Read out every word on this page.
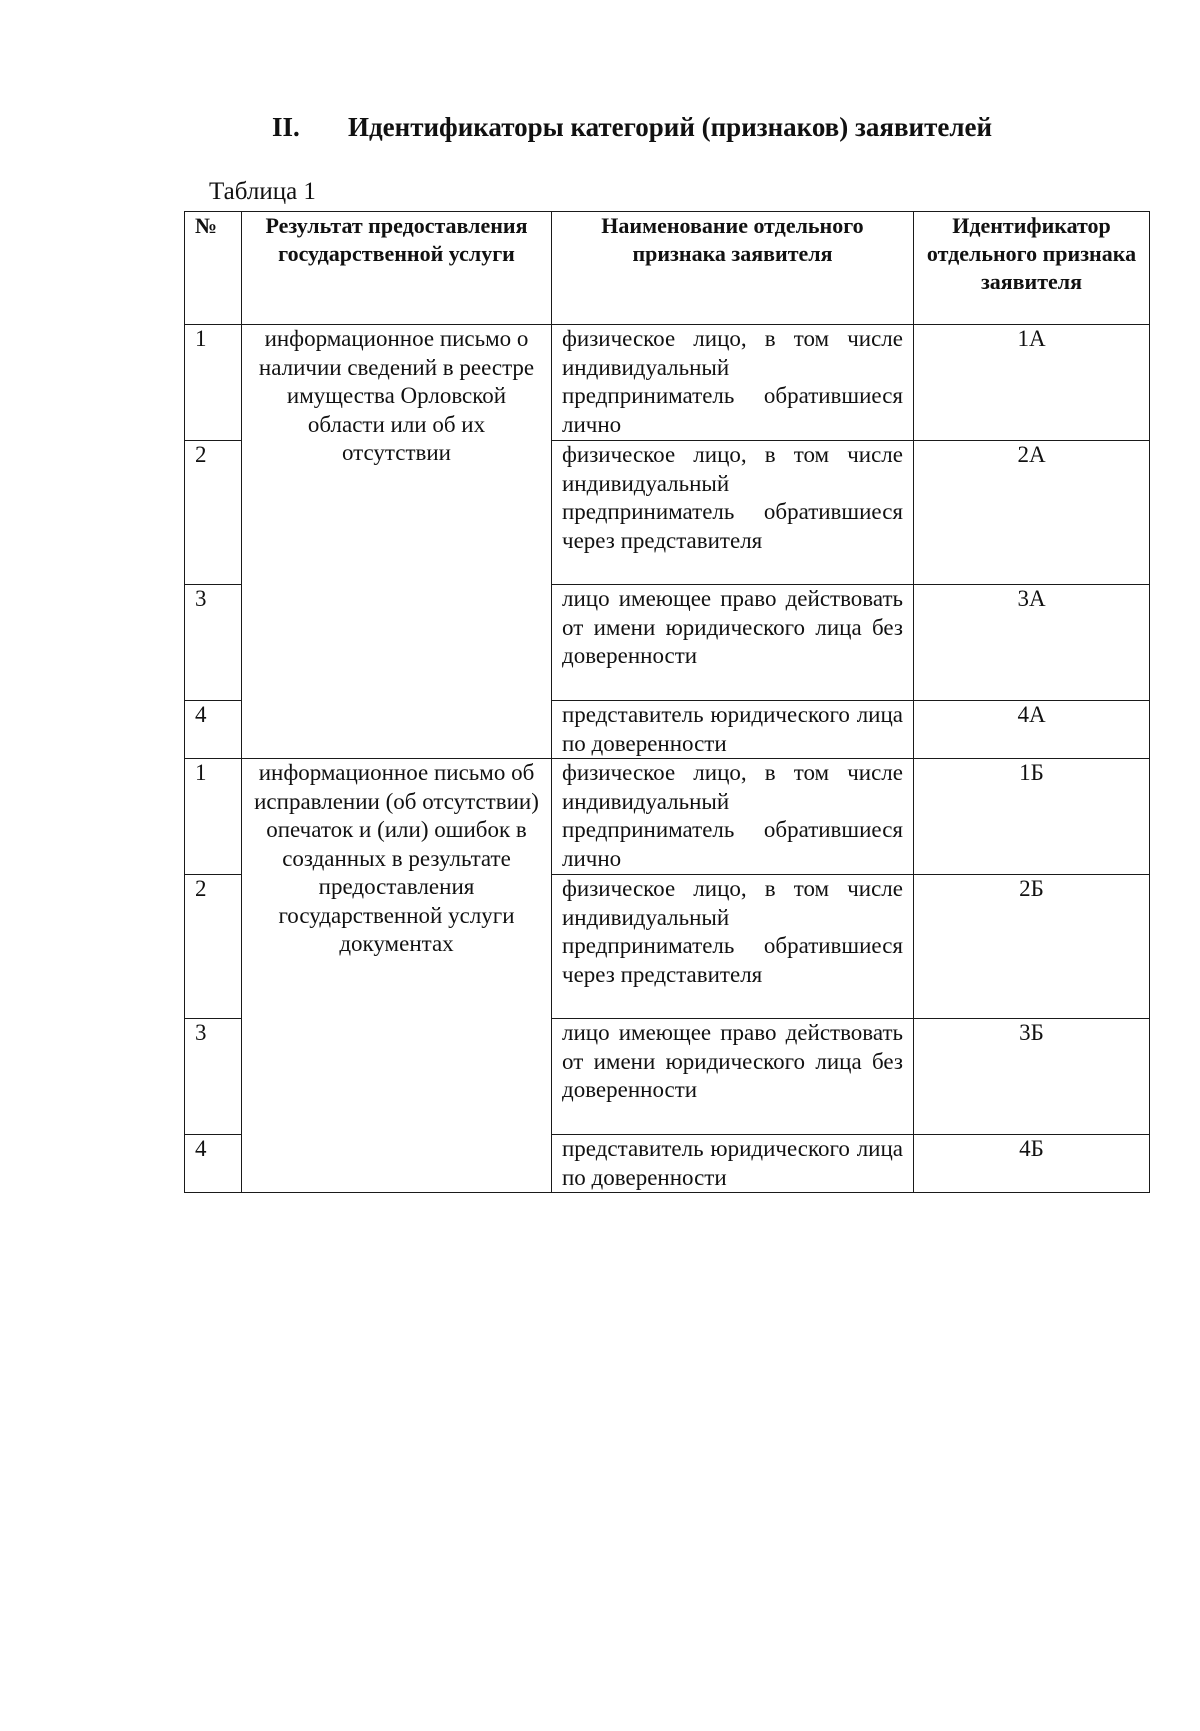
II. Идентификаторы категорий (признаков) заявителей
Таблица 1
№	Результат предоставления государственной услуги	Наименование отдельного признака заявителя	Идентификатор отдельного признака заявителя
1	информационное письмо о наличии сведений в реестре имущества Орловской области или об их отсутствии	физическое лицо, в том числе индивидуальный предприниматель обратившиеся лично	1А
2		физическое лицо, в том числе индивидуальный предприниматель обратившиеся через представителя	2А
3		лицо имеющее право действовать от имени юридического лица без доверенности	3А
4		представитель юридического лица по доверенности	4А
1	информационное письмо об исправлении (об отсутствии) опечаток и (или) ошибок в созданных в результате предоставления государственной услуги документах	физическое лицо, в том числе индивидуальный предприниматель обратившиеся лично	1Б
2		физическое лицо, в том числе индивидуальный предприниматель обратившиеся через представителя	2Б
3		лицо имеющее право действовать от имени юридического лица без доверенности	3Б
4		представитель юридического лица по доверенности	4Б
